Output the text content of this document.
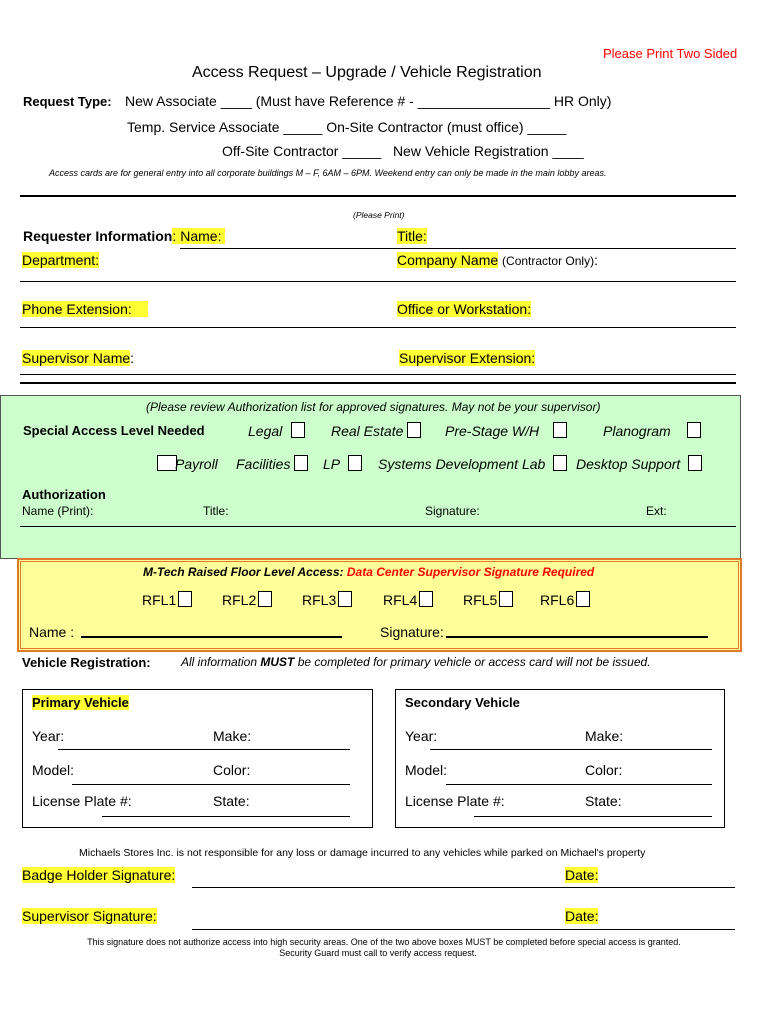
Please Print Two Sided
Access Request – Upgrade / Vehicle Registration
Request Type: New Associate ____ (Must have Reference # - _________________ HR Only)
Temp. Service Associate _____ On-Site Contractor (must office) _____
Off-Site Contractor _____   New Vehicle Registration ____
Access cards are for general entry into all corporate buildings M – F, 6AM – 6PM. Weekend entry can only be made in the main lobby areas.
(Please Print)
Requester Information: Name:	Title:
Department:	Company Name (Contractor Only):
Phone Extension:	Office or Workstation:
Supervisor Name:	Supervisor Extension:
(Please review Authorization list for approved signatures. May not be your supervisor)
Special Access Level Needed	Legal	Real Estate	Pre-Stage W/H	Planogram
Payroll Facilities	LP	Systems Development Lab	Desktop Support
Authorization
Name (Print):	Title:	Signature:	Ext:
M-Tech Raised Floor Level Access: Data Center Supervisor Signature Required
RFL1	RFL2	RFL3	RFL4	RFL5	RFL6
Name :	Signature:
Vehicle Registration:	All information MUST be completed for primary vehicle or access card will not be issued.
Primary Vehicle
Year:	Make:
Model:	Color:
License Plate #:	State:
Secondary Vehicle
Year:	Make:
Model:	Color:
License Plate #:	State:
Michaels Stores Inc. is not responsible for any loss or damage incurred to any vehicles while parked on Michael's property
Badge Holder Signature:	Date:
Supervisor Signature:	Date:
This signature does not authorize access into high security areas. One of the two above boxes MUST be completed before special access is granted.
Security Guard must call to verify access request.
